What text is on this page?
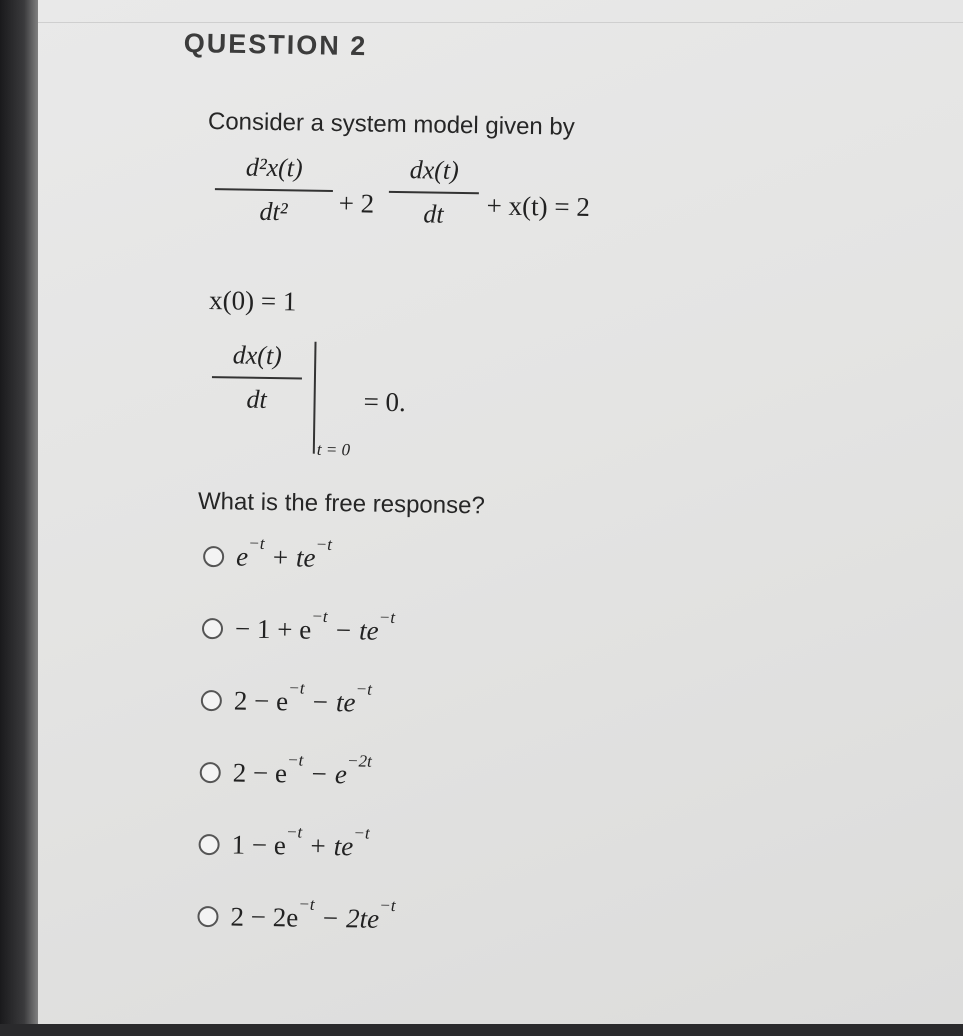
QUESTION 2
Consider a system model given by
d²x(t)
dt²	+ 2
dx(t)
dt	+ x(t) = 2
x(0) = 1
dx(t)
dt
t = 0
= 0.
What is the free response?
$e^{-t} + te^{-t}$
− $1 + e^{-t} - te^{-t}$
$2 - e^{-t} - te^{-t}$
$2 - e^{-t} - e^{-2t}$
$1 - e^{-t} + te^{-t}$
$2 - 2e^{-t} - 2te^{-t}$
